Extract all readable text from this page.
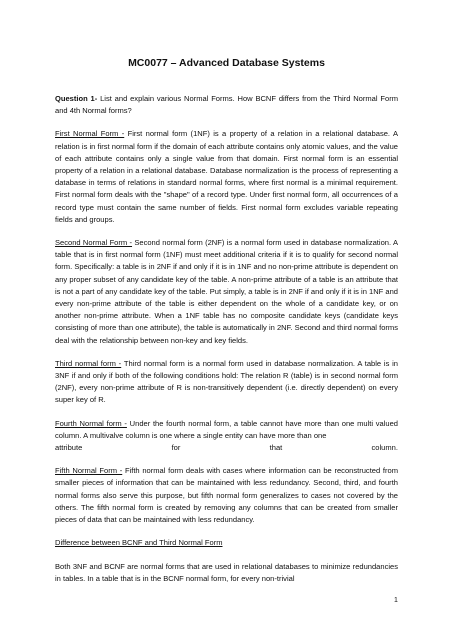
MC0077 – Advanced Database Systems

Question 1- List and explain various Normal Forms. How BCNF differs from the Third Normal Form and 4th Normal forms?

First Normal Form - First normal form (1NF) is a property of a relation in a relational database. A relation is in first normal form if the domain of each attribute contains only atomic values, and the value of each attribute contains only a single value from that domain. First normal form is an essential property of a relation in a relational database. Database normalization is the process of representing a database in terms of relations in standard normal forms, where first normal is a minimal requirement. First normal form deals with the "shape" of a record type. Under first normal form, all occurrences of a record type must contain the same number of fields. First normal form excludes variable repeating fields and groups.

Second Normal Form - Second normal form (2NF) is a normal form used in database normalization. A table that is in first normal form (1NF) must meet additional criteria if it is to qualify for second normal form. Specifically: a table is in 2NF if and only if it is in 1NF and no non-prime attribute is dependent on any proper subset of any candidate key of the table. A non-prime attribute of a table is an attribute that is not a part of any candidate key of the table. Put simply, a table is in 2NF if and only if it is in 1NF and every non-prime attribute of the table is either dependent on the whole of a candidate key, or on another non-prime attribute. When a 1NF table has no composite candidate keys (candidate keys consisting of more than one attribute), the table is automatically in 2NF. Second and third normal forms deal with the relationship between non-key and key fields.

Third normal form - Third normal form is a normal form used in database normalization. A table is in 3NF if and only if both of the following conditions hold: The relation R (table) is in second normal form (2NF), every non-prime attribute of R is non-transitively dependent (i.e. directly dependent) on every super key of R.

Fourth Normal form - Under the fourth normal form, a table cannot have more than one multi valued column. A multivalve column is one where a single entity can have more than one

attribute	for	that	column.

Fifth Normal Form - Fifth normal form deals with cases where information can be reconstructed from smaller pieces of information that can be maintained with less redundancy. Second, third, and fourth normal forms also serve this purpose, but fifth normal form generalizes to cases not covered by the others. The fifth normal form is created by removing any columns that can be created from smaller pieces of data that can be maintained with less redundancy.

Difference between BCNF and Third Normal Form

Both 3NF and BCNF are normal forms that are used in relational databases to minimize redundancies in tables. In a table that is in the BCNF normal form, for every non-trivial

1
